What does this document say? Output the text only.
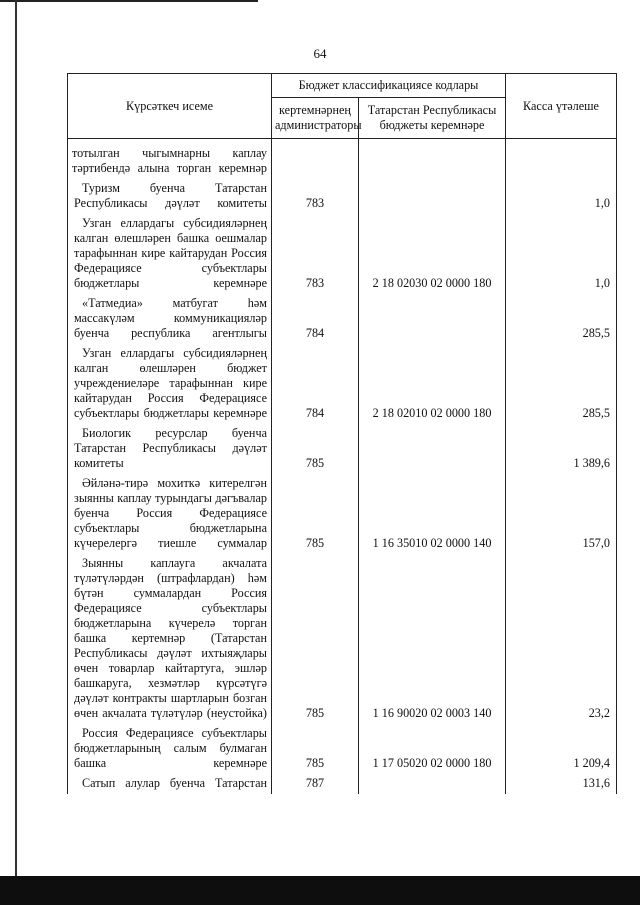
64
Күрсәткеч исеме	Бюджет классификациясе кодлары		Касса үтәлеше
	кертемнәрнең администраторы	Татарстан Республикасы бюджеты керемнәре	

тотылган чыгымнарны каплау тәртибендә алына торган керемнәр			

Туризм буенча Татарстан Республикасы дәүләт комитеты	783		1,0

Узган еллардагы субсидияләрнең калган өлешләрен башка оешмалар тарафыннан кире кайтарудан Россия Федерациясе субъектлары бюджетлары керемнәре	783	2 18 02030 02 0000 180	1,0

«Татмедиа» матбугат һәм массакүләм коммуникацияләр буенча республика агентлыгы	784		285,5

Узган еллардагы субсидияләрнең калган өлешләрен бюджет учреждениеләре тарафыннан кире кайтарудан Россия Федерациясе субъектлары бюджетлары керемнәре	784	2 18 02010 02 0000 180	285,5

Биологик ресурслар буенча Татарстан Республикасы дәүләт комитеты	785		1 389,6

Әйләнә-тирә мохиткә китерелгән зыянны каплау турындагы дәгъвалар буенча Россия Федерациясе субъектлары бюджетларына күчерелергә тиешле суммалар	785	1 16 35010 02 0000 140	157,0

Зыянны каплауга акчалата түләтүләрдән (штрафлардан) һәм бүтән суммалардан Россия Федерациясе субъектлары бюджетларына күчерелә торган башка кертемнәр (Татарстан Республикасы дәүләт ихтыяҗлары өчен товарлар кайтартуга, эшләр башкаруга, хезмәтләр күрсәтүгә дәүләт контракты шартларын бозган өчен акчалата түләтүләр (неустойка)	785	1 16 90020 02 0003 140	23,2

Россия Федерациясе субъектлары бюджетларының салым булмаган башка керемнәре	785	1 17 05020 02 0000 180	1 209,4

Сатып алулар буенча Татарстан	787		131,6
